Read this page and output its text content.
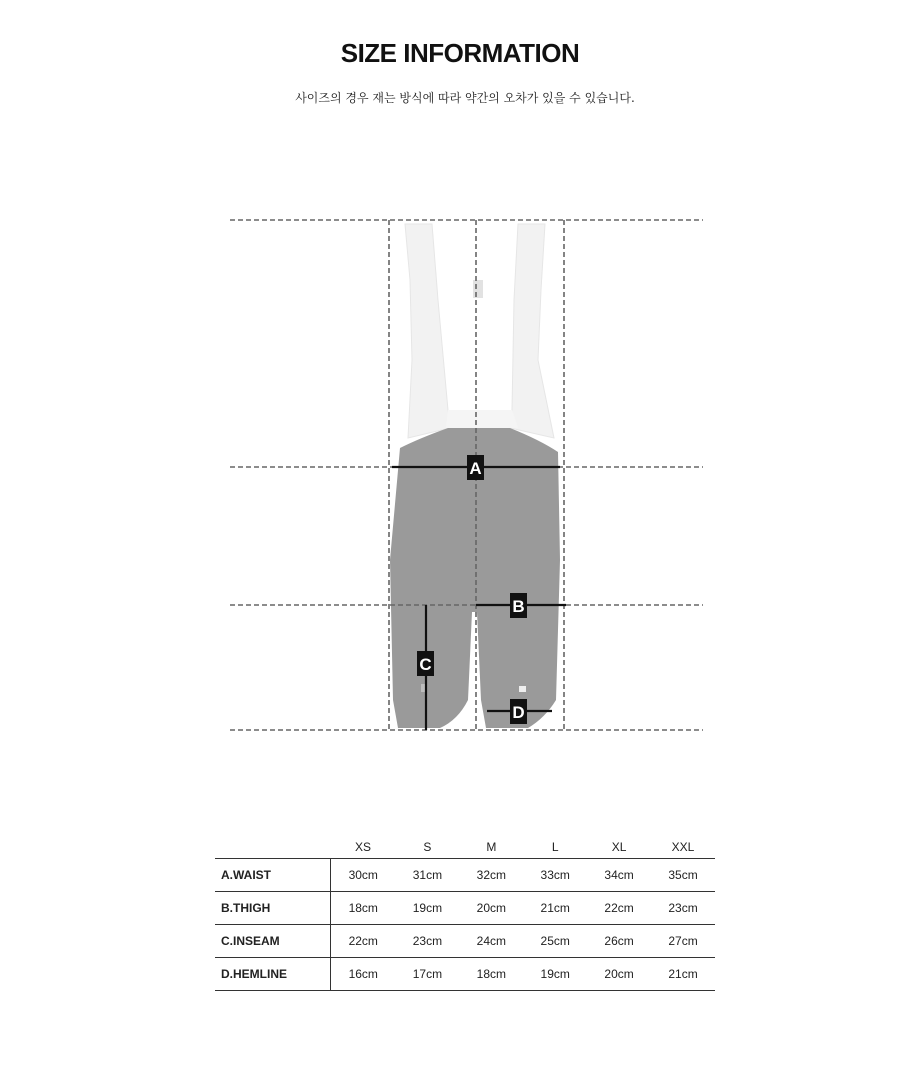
SIZE INFORMATION
사이즈의 경우 재는 방식에 따라 약간의 오차가 있을 수 있습니다.
A
B
C
D
	XS	S	M	L	XL	XXL
A.WAIST	30cm	31cm	32cm	33cm	34cm	35cm
B.THIGH	18cm	19cm	20cm	21cm	22cm	23cm
C.INSEAM	22cm	23cm	24cm	25cm	26cm	27cm
D.HEMLINE	16cm	17cm	18cm	19cm	20cm	21cm
